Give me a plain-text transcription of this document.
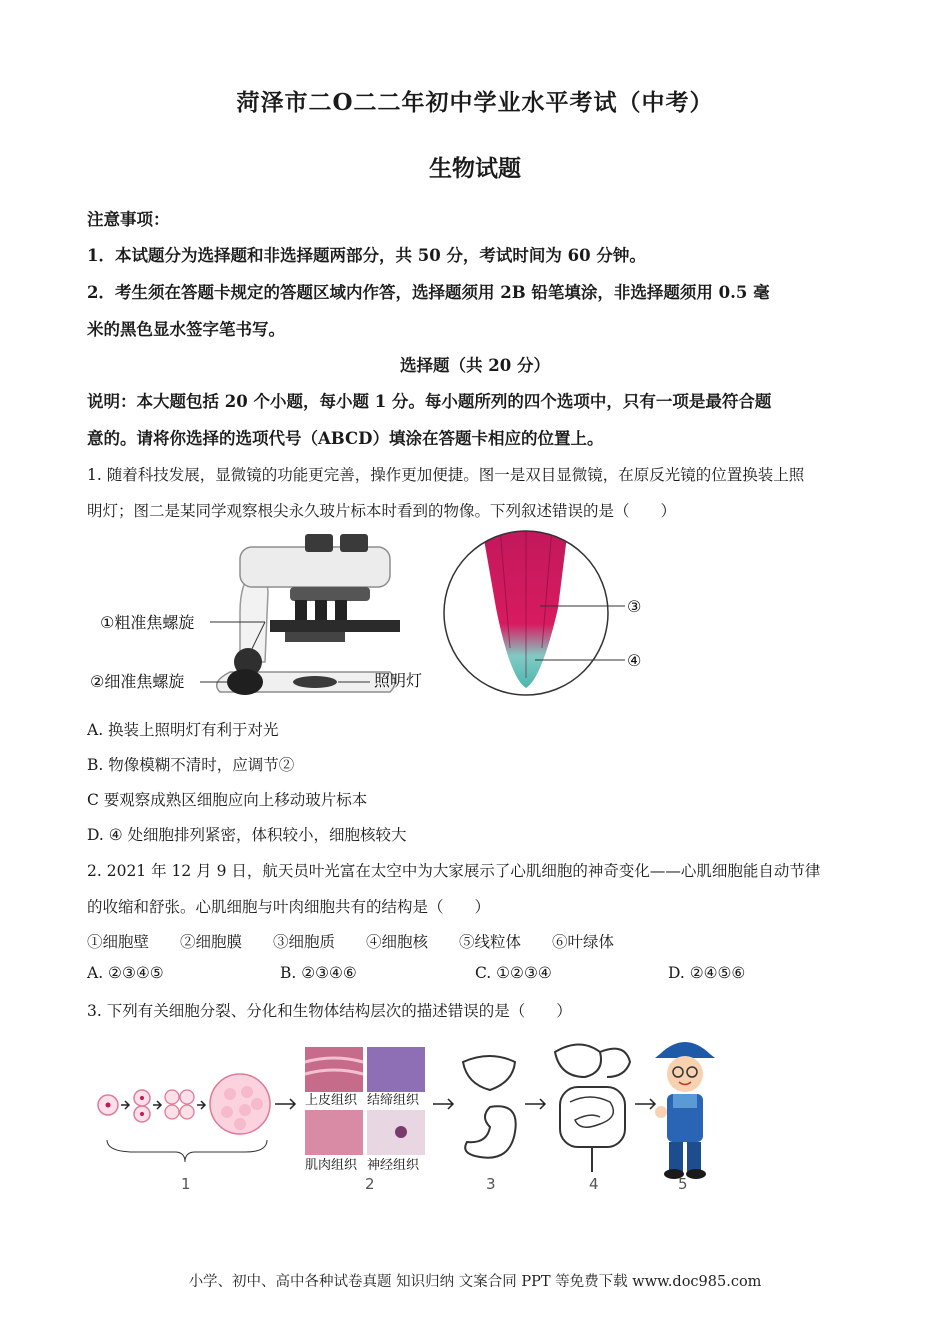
菏泽市二O二二年初中学业水平考试（中考）
生物试题
注意事项：
1．本试题分为选择题和非选择题两部分，共 50 分，考试时间为 60 分钟。
2．考生须在答题卡规定的答题区域内作答，选择题须用 2B 铅笔填涂，非选择题须用 0.5 毫
米的黑色显水签字笔书写。
选择题（共 20 分）
说明：本大题包括 20 个小题，每小题 1 分。每小题所列的四个选项中，只有一项是最符合题
意的。请将你选择的选项代号（ABCD）填涂在答题卡相应的位置上。
1. 随着科技发展，显微镜的功能更完善，操作更加便捷。图一是双目显微镜，在原反光镜的位置换装上照
明灯；图二是某同学观察根尖永久玻片标本时看到的物像。下列叙述错误的是（　　）
①粗准焦螺旋
②细准焦螺旋	照明灯
③
④
A. 换装上照明灯有利于对光
B. 物像模糊不清时，应调节②
C 要观察成熟区细胞应向上移动玻片标本
D. ④ 处细胞排列紧密，体积较小，细胞核较大
2. 2021 年 12 月 9 日，航天员叶光富在太空中为大家展示了心肌细胞的神奇变化——心肌细胞能自动节律
的收缩和舒张。心肌细胞与叶肉细胞共有的结构是（　　）
①细胞壁　　②细胞膜　　③细胞质　　④细胞核　　⑤线粒体　　⑥叶绿体
A. ②③④⑤	B. ②③④⑥	C. ①②③④	D. ②④⑤⑥
3. 下列有关细胞分裂、分化和生物体结构层次的描述错误的是（　　）
上皮组织 结缔组织
肌肉组织 神经组织
1	2	3	4	5
小学、初中、高中各种试卷真题 知识归纳 文案合同 PPT 等免费下载 www.doc985.com
